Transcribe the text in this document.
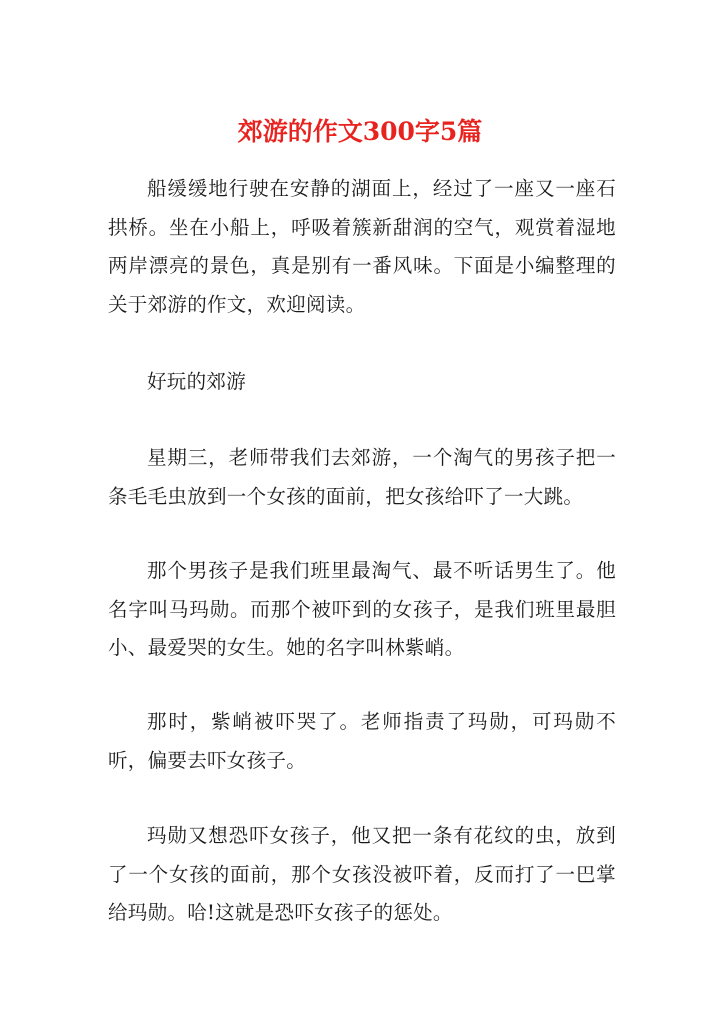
郊游的作文300字5篇

船缓缓地行驶在安静的湖面上，经过了一座又一座石拱桥。坐在小船上，呼吸着簇新甜润的空气，观赏着湿地两岸漂亮的景色，真是别有一番风味。下面是小编整理的关于郊游的作文，欢迎阅读。

好玩的郊游

星期三，老师带我们去郊游，一个淘气的男孩子把一条毛毛虫放到一个女孩的面前，把女孩给吓了一大跳。

那个男孩子是我们班里最淘气、最不听话男生了。他名字叫马玛勋。而那个被吓到的女孩子，是我们班里最胆小、最爱哭的女生。她的名字叫林紫峭。

那时，紫峭被吓哭了。老师指责了玛勋，可玛勋不听，偏要去吓女孩子。

玛勋又想恐吓女孩子，他又把一条有花纹的虫，放到了一个女孩的面前，那个女孩没被吓着，反而打了一巴掌给玛勋。哈!这就是恐吓女孩子的惩处。
